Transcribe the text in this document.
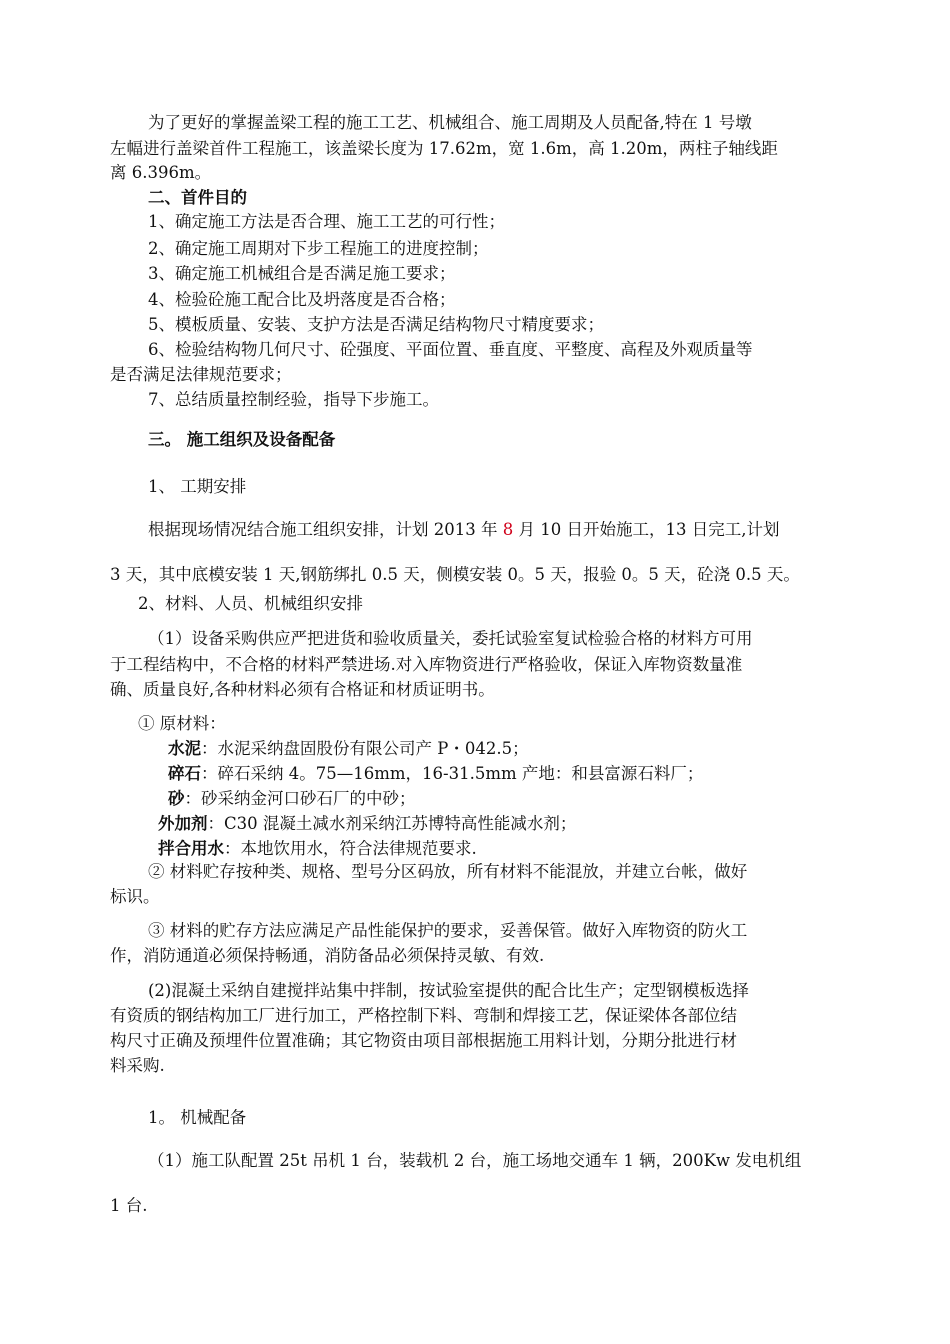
为了更好的掌握盖梁工程的施工工艺、机械组合、施工周期及人员配备,特在 1 号墩
左幅进行盖梁首件工程施工，该盖梁长度为 17.62m，宽 1.6m，高 1.20m，两柱子轴线距
离 6.396m。
二、首件目的
1、确定施工方法是否合理、施工工艺的可行性；
2、确定施工周期对下步工程施工的进度控制；
3、确定施工机械组合是否满足施工要求；
4、检验砼施工配合比及坍落度是否合格；
5、模板质量、安装、支护方法是否满足结构物尺寸精度要求；
6、检验结构物几何尺寸、砼强度、平面位置、垂直度、平整度、高程及外观质量等
是否满足法律规范要求；
7、总结质量控制经验，指导下步施工。
三。 施工组织及设备配备
1、 工期安排
根据现场情况结合施工组织安排，计划 2013 年 8 月 10 日开始施工，13 日完工,计划
3 天，其中底模安装 1 天,钢筋绑扎 0.5 天，侧模安装 0。5 天，报验 0。5 天，砼浇 0.5 天。
2、材料、人员、机械组织安排
（1）设备采购供应严把进货和验收质量关，委托试验室复试检验合格的材料方可用
于工程结构中，不合格的材料严禁进场.对入库物资进行严格验收，保证入库物资数量准
确、质量良好,各种材料必须有合格证和材质证明书。
① 原材料：
水泥：水泥采纳盘固股份有限公司产 P・042.5；
碎石：碎石采纳 4。75—16mm，16-31.5mm 产地：和县富源石料厂；
砂：砂采纳金河口砂石厂的中砂；
外加剂：C30 混凝土减水剂采纳江苏博特高性能减水剂；
拌合用水：本地饮用水，符合法律规范要求.
② 材料贮存按种类、规格、型号分区码放，所有材料不能混放，并建立台帐，做好
标识。
③ 材料的贮存方法应满足产品性能保护的要求，妥善保管。做好入库物资的防火工
作，消防通道必须保持畅通，消防备品必须保持灵敏、有效.
(2)混凝土采纳自建搅拌站集中拌制，按试验室提供的配合比生产；定型钢模板选择
有资质的钢结构加工厂进行加工，严格控制下料、弯制和焊接工艺，保证梁体各部位结
构尺寸正确及预埋件位置准确；其它物资由项目部根据施工用料计划，分期分批进行材
料采购.
1。 机械配备
（1）施工队配置 25t 吊机 1 台，装载机 2 台，施工场地交通车 1 辆，200Kw 发电机组
1 台.
